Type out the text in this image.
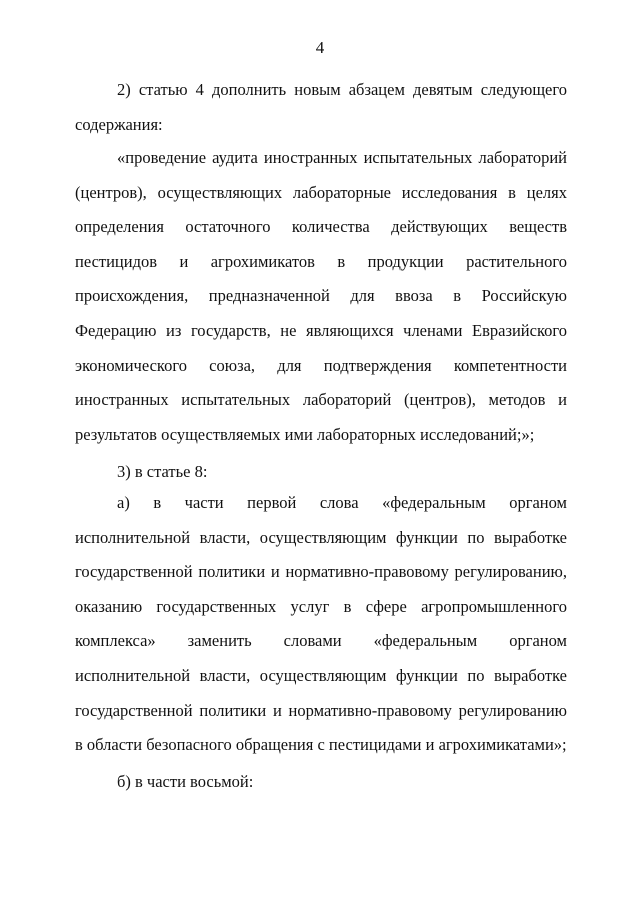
4

2) статью 4 дополнить новым абзацем девятым следующего содержания:

«проведение аудита иностранных испытательных лабораторий (центров), осуществляющих лабораторные исследования в целях определения остаточного количества действующих веществ пестицидов и агрохимикатов в продукции растительного происхождения, предназначенной для ввоза в Российскую Федерацию из государств, не являющихся членами Евразийского экономического союза, для подтверждения компетентности иностранных испытательных лабораторий (центров), методов и результатов осуществляемых ими лабораторных исследований;»;

3) в статье 8:

а) в части первой слова «федеральным органом исполнительной власти, осуществляющим функции по выработке государственной политики и нормативно-правовому регулированию, оказанию государственных услуг в сфере агропромышленного комплекса» заменить словами «федеральным органом исполнительной власти, осуществляющим функции по выработке государственной политики и нормативно-правовому регулированию в области безопасного обращения с пестицидами и агрохимикатами»;

б) в части восьмой:
